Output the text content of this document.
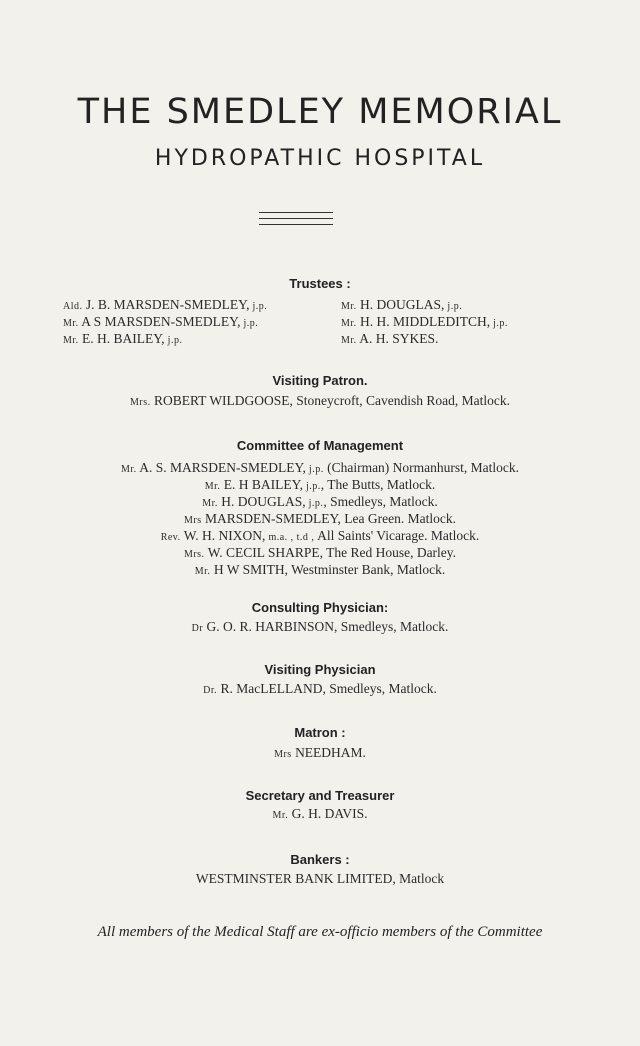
THE SMEDLEY MEMORIAL
HYDROPATHIC HOSPITAL
Trustees :
Ald. J. B. MARSDEN-SMEDLEY, j.p.
Mr. A S MARSDEN-SMEDLEY, j.p.
Mr. E. H. BAILEY, j.p.
Mr. H. DOUGLAS, j.p.
Mr. H. H. MIDDLEDITCH, j.p.
Mr. A. H. SYKES.
Visiting Patron.
Mrs. ROBERT WILDGOOSE, Stoneycroft, Cavendish Road, Matlock.
Committee of Management
Mr. A. S. MARSDEN-SMEDLEY, j.p. (Chairman) Normanhurst, Matlock.
Mr. E. H BAILEY, j.p., The Butts, Matlock.
Mr. H. DOUGLAS, j.p., Smedleys, Matlock.
Mrs MARSDEN-SMEDLEY, Lea Green. Matlock.
Rev. W. H. NIXON, m.a. , t.d , All Saints' Vicarage. Matlock.
Mrs. W. CECIL SHARPE, The Red House, Darley.
Mr. H W SMITH, Westminster Bank, Matlock.
Consulting Physician:
Dr G. O. R. HARBINSON, Smedleys, Matlock.
Visiting Physician
Dr. R. MacLELLAND, Smedleys, Matlock.
Matron :
Mrs NEEDHAM.
Secretary and Treasurer
Mr. G. H. DAVIS.
Bankers :
WESTMINSTER BANK LIMITED, Matlock
All members of the Medical Staff are ex-officio members of the Committee
